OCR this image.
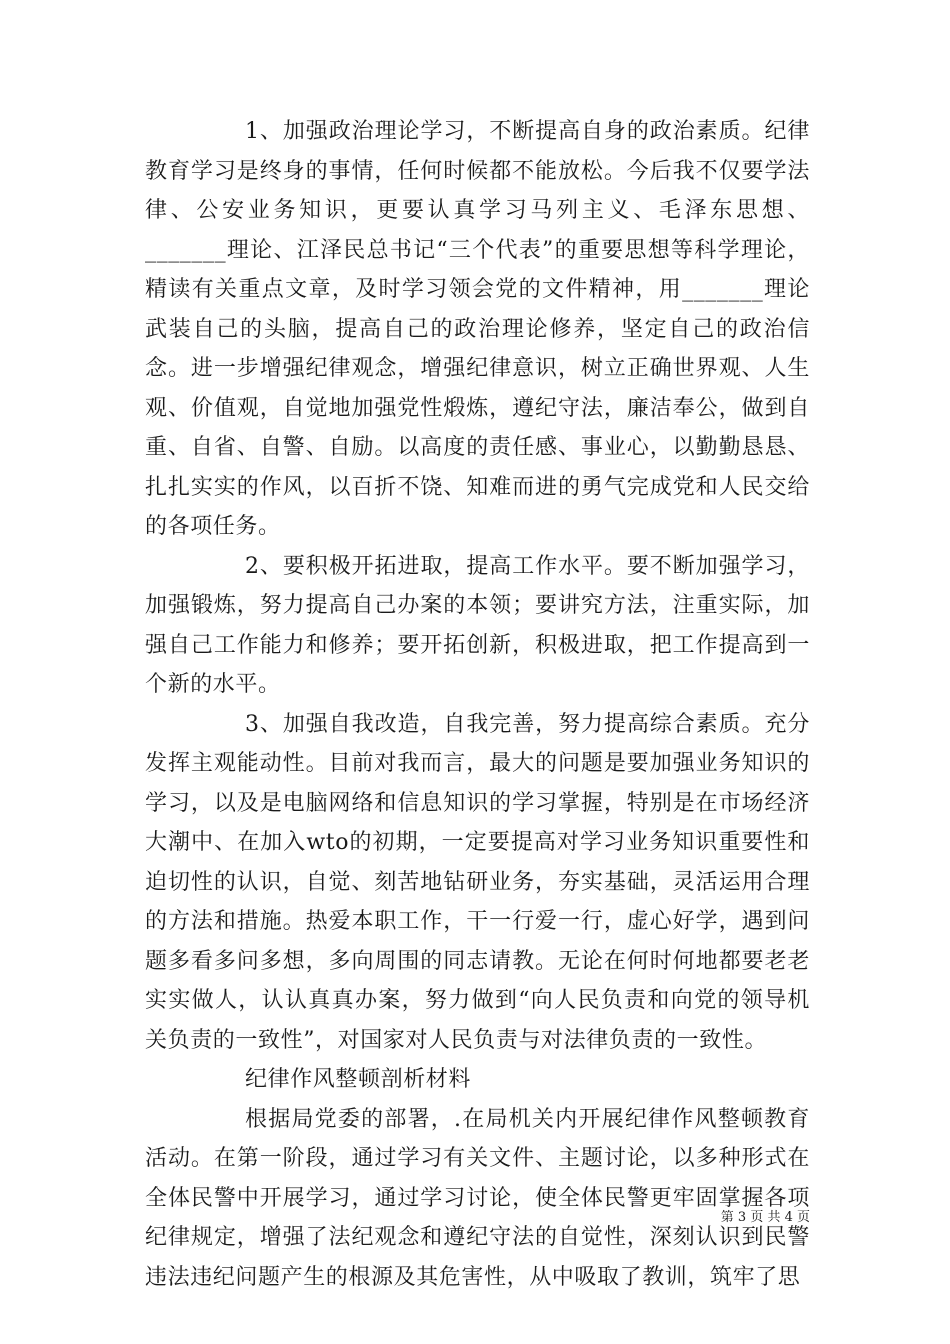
1、加强政治理论学习，不断提高自身的政治素质。纪律教育学习是终身的事情，任何时候都不能放松。今后我不仅要学法律、公安业务知识，更要认真学习马列主义、毛泽东思想、_______理论、江泽民总书记“三个代表”的重要思想等科学理论，精读有关重点文章，及时学习领会党的文件精神，用_______理论武装自己的头脑，提高自己的政治理论修养，坚定自己的政治信念。进一步增强纪律观念，增强纪律意识，树立正确世界观、人生观、价值观，自觉地加强党性煅炼，遵纪守法，廉洁奉公，做到自重、自省、自警、自励。以高度的责任感、事业心，以勤勤恳恳、扎扎实实的作风，以百折不饶、知难而进的勇气完成党和人民交给的各项任务。

2、要积极开拓进取，提高工作水平。要不断加强学习，加强锻炼，努力提高自己办案的本领；要讲究方法，注重实际，加强自己工作能力和修养；要开拓创新，积极进取，把工作提高到一个新的水平。

3、加强自我改造，自我完善，努力提高综合素质。充分发挥主观能动性。目前对我而言，最大的问题是要加强业务知识的学习，以及是电脑网络和信息知识的学习掌握，特别是在市场经济大潮中、在加入wto的初期，一定要提高对学习业务知识重要性和迫切性的认识，自觉、刻苦地钻研业务，夯实基础，灵活运用合理的方法和措施。热爱本职工作，干一行爱一行，虚心好学，遇到问题多看多问多想，多向周围的同志请教。无论在何时何地都要老老实实做人，认认真真办案，努力做到“向人民负责和向党的领导机关负责的一致性”，对国家对人民负责与对法律负责的一致性。

纪律作风整顿剖析材料

根据局党委的部署，.在局机关内开展纪律作风整顿教育活动。在第一阶段，通过学习有关文件、主题讨论，以多种形式在全体民警中开展学习，通过学习讨论，使全体民警更牢固掌握各项纪律规定，增强了法纪观念和遵纪守法的自觉性，深刻认识到民警违法违纪问题产生的根源及其危害性，从中吸取了教训，筑牢了思

第 3 页 共 4 页
